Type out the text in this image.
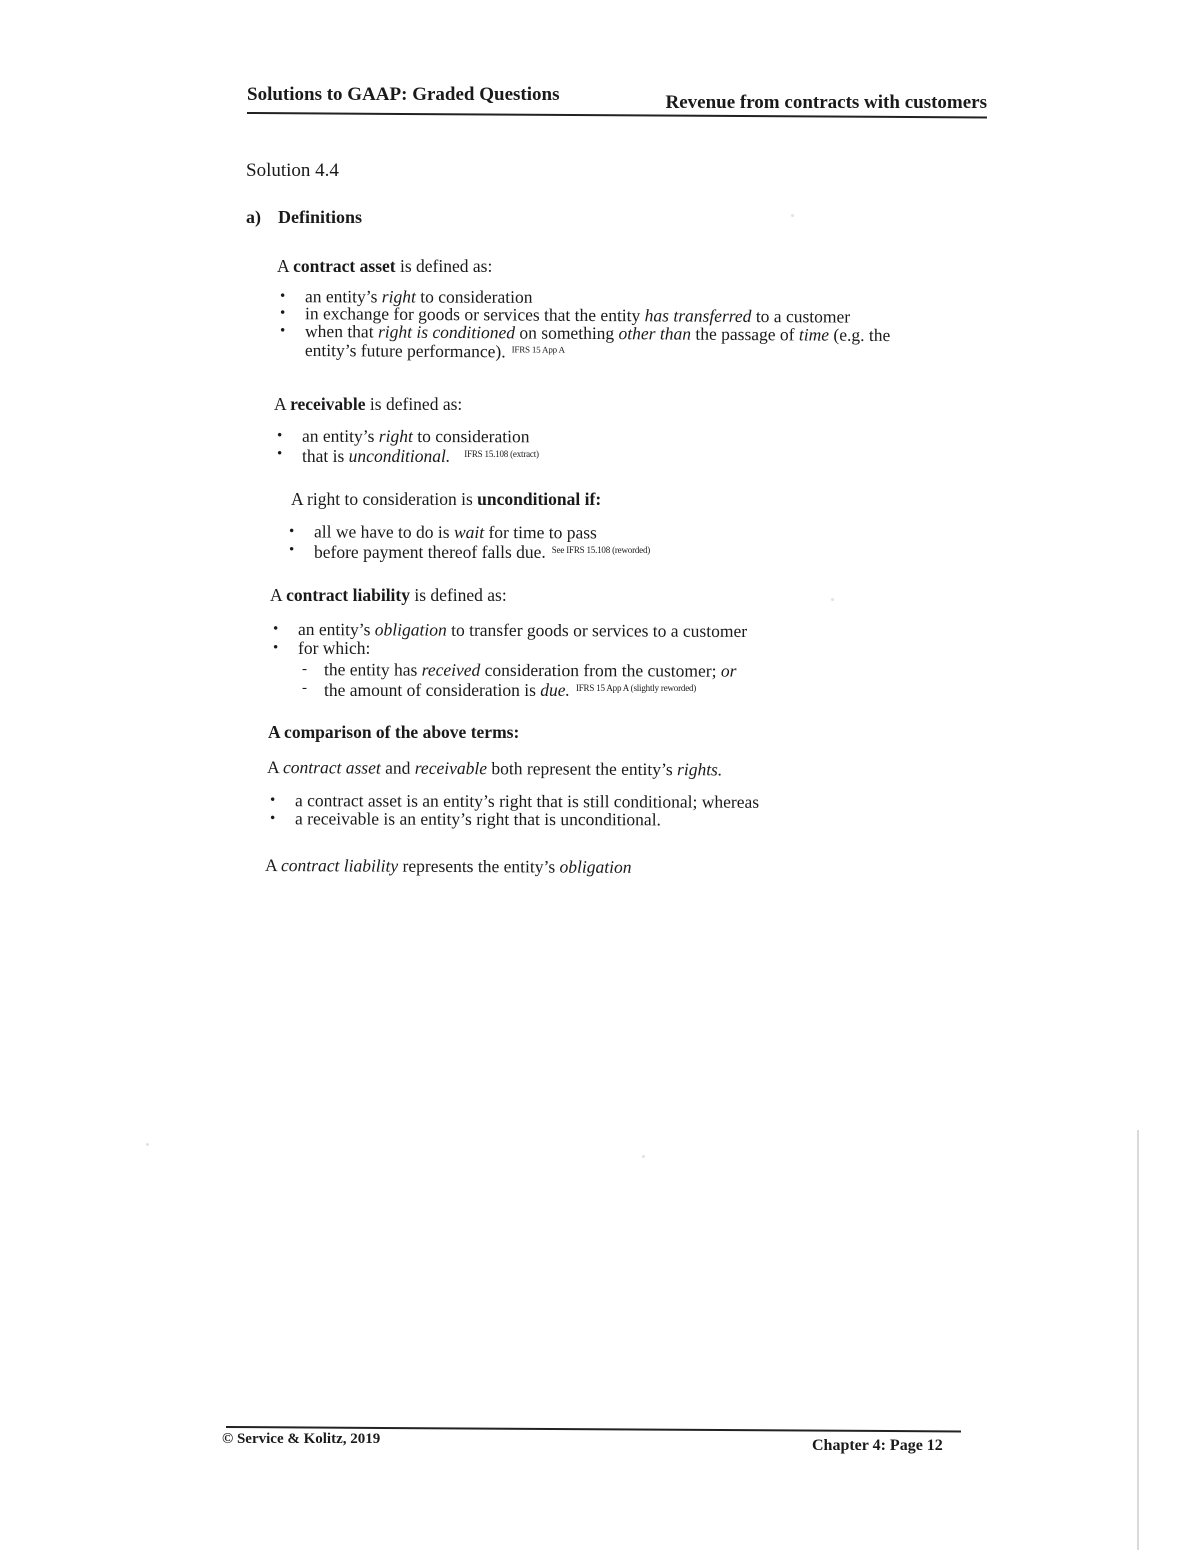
Solutions to GAAP: Graded Questions	Revenue from contracts with customers
Solution 4.4
a) Definitions
A contract asset is defined as:
• an entity’s right to consideration
• in exchange for goods or services that the entity has transferred to a customer
• when that right is conditioned on something other than the passage of time (e.g. the
entity’s future performance). $^{IFRS 15 App A}$
A receivable is defined as:
• an entity’s right to consideration
• that is unconditional. $^{IFRS 15.108 (extract)}$
A right to consideration is unconditional if:
• all we have to do is wait for time to pass
• before payment thereof falls due. $^{See IFRS 15.108 (reworded)}$
A contract liability is defined as:
• an entity’s obligation to transfer goods or services to a customer
• for which:
- the entity has received consideration from the customer; or
- the amount of consideration is due. $^{IFRS 15 App A (slightly reworded)}$
A comparison of the above terms:
A contract asset and receivable both represent the entity’s rights.
• a contract asset is an entity’s right that is still conditional; whereas
• a receivable is an entity’s right that is unconditional.
A contract liability represents the entity’s obligation
© Service & Kolitz, 2019	Chapter 4: Page 12
